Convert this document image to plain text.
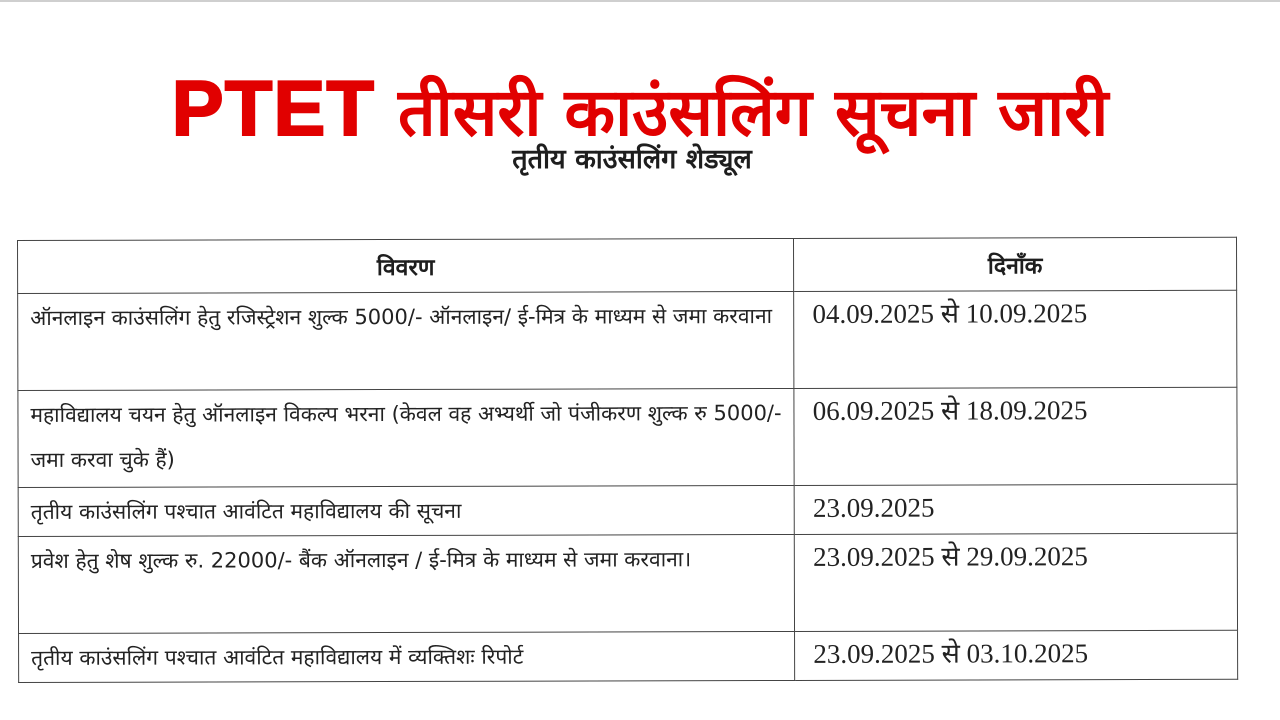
PTET तीसरी काउंसलिंग सूचना जारी
तृतीय काउंसलिंग शेड्यूल
विवरण	दिनाँक
ऑनलाइन काउंसलिंग हेतु रजिस्ट्रेशन शुल्क 5000/- ऑनलाइन/ ई-मित्र के माध्यम से जमा करवाना	04.09.2025 से 10.09.2025
महाविद्यालय चयन हेतु ऑनलाइन विकल्प भरना (केवल वह अभ्यर्थी जो पंजीकरण शुल्क रु 5000/- जमा करवा चुके हैं)	06.09.2025 से 18.09.2025
तृतीय काउंसलिंग पश्चात आवंटित महाविद्यालय की सूचना	23.09.2025
प्रवेश हेतु शेष शुल्क रु. 22000/- बैंक ऑनलाइन / ई-मित्र के माध्यम से जमा करवाना।	23.09.2025 से 29.09.2025
तृतीय काउंसलिंग पश्चात आवंटित महाविद्यालय में व्यक्तिशः रिपोर्ट	23.09.2025 से 03.10.2025
